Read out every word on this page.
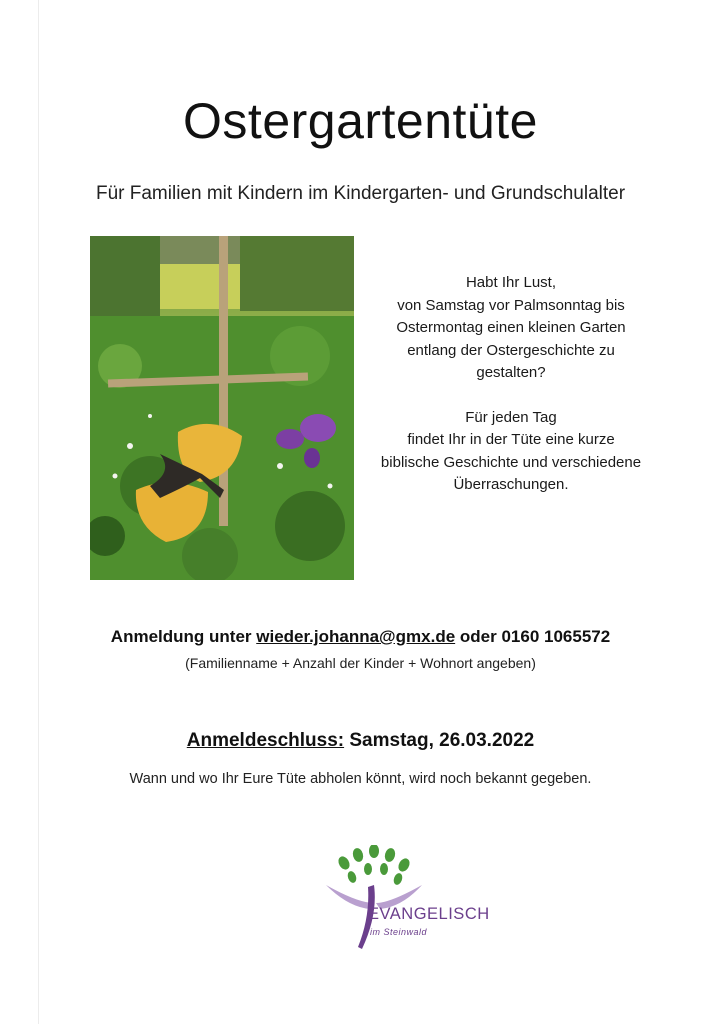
Ostergartentüte
Für Familien mit Kindern im Kindergarten- und Grundschulalter

Habt Ihr Lust,

von Samstag vor Palmsonntag bis

Ostermontag einen kleinen Garten

entlang der Ostergeschichte zu

gestalten?

Für jeden Tag

findet Ihr in der Tüte eine kurze

biblische Geschichte und verschiedene

Überraschungen.

Anmeldung unter wieder.johanna@gmx.de oder 0160 1065572
(Familienname + Anzahl der Kinder + Wohnort angeben)
Anmeldeschluss: Samstag, 26.03.2022
Wann und wo Ihr Eure Tüte abholen könnt, wird noch bekannt gegeben.
EVANGELISCH
im Steinwald
